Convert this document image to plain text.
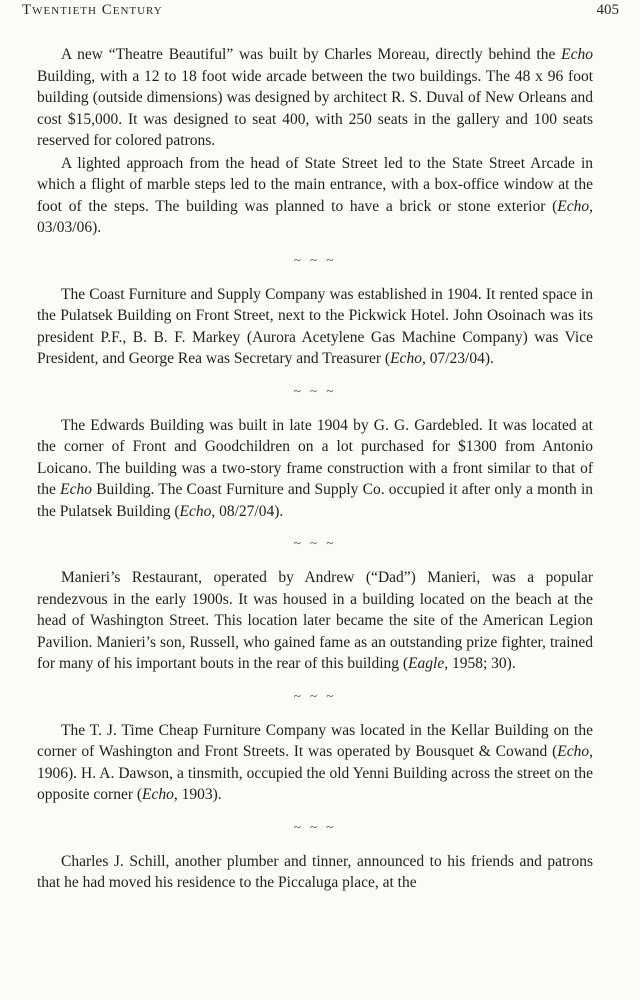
Twentieth Century	405

A new “Theatre Beautiful” was built by Charles Moreau, directly behind the Echo Building, with a 12 to 18 foot wide arcade between the two buildings. The 48 x 96 foot building (outside dimensions) was designed by architect R. S. Duval of New Orleans and cost $15,000. It was designed to seat 400, with 250 seats in the gallery and 100 seats reserved for colored patrons.

A lighted approach from the head of State Street led to the State Street Arcade in which a flight of marble steps led to the main entrance, with a box-office window at the foot of the steps. The building was planned to have a brick or stone exterior (Echo, 03/03/06).

~ ~ ~

The Coast Furniture and Supply Company was established in 1904. It rented space in the Pulatsek Building on Front Street, next to the Pickwick Hotel. John Osoinach was its president P.F., B. B. F. Markey (Aurora Acetylene Gas Machine Company) was Vice President, and George Rea was Secretary and Treasurer (Echo, 07/23/04).

~ ~ ~

The Edwards Building was built in late 1904 by G. G. Gardebled. It was located at the corner of Front and Goodchildren on a lot purchased for $1300 from Antonio Loicano. The building was a two-story frame construction with a front similar to that of the Echo Building. The Coast Furniture and Supply Co. occupied it after only a month in the Pulatsek Building (Echo, 08/27/04).

~ ~ ~

Manieri’s Restaurant, operated by Andrew (“Dad”) Manieri, was a popular rendezvous in the early 1900s. It was housed in a building located on the beach at the head of Washington Street. This location later became the site of the American Legion Pavilion. Manieri’s son, Russell, who gained fame as an outstanding prize fighter, trained for many of his important bouts in the rear of this building (Eagle, 1958; 30).

~ ~ ~

The T. J. Time Cheap Furniture Company was located in the Kellar Building on the corner of Washington and Front Streets. It was operated by Bousquet & Cowand (Echo, 1906). H. A. Dawson, a tinsmith, occupied the old Yenni Building across the street on the opposite corner (Echo, 1903).

~ ~ ~

Charles J. Schill, another plumber and tinner, announced to his friends and patrons that he had moved his residence to the Piccaluga place, at the
